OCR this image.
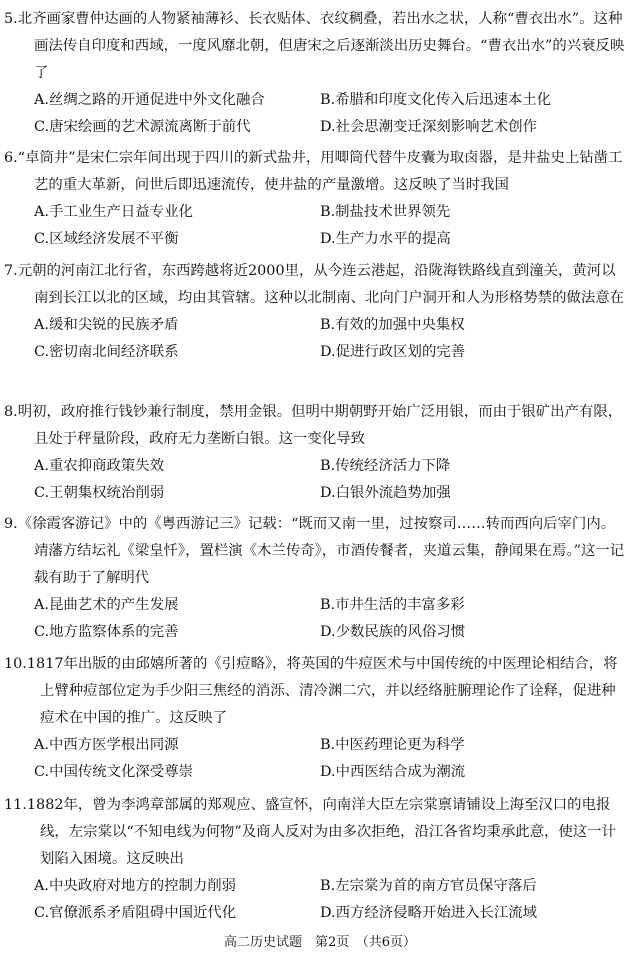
5.北齐画家曹仲达画的人物紧袖薄衫、长衣贴体、衣纹稠叠，若出水之状，人称“曹衣出水”。这种画法传自印度和西域，一度风靡北朝，但唐宋之后逐渐淡出历史舞台。“曹衣出水”的兴衰反映了

A.丝绸之路的开通促进中外文化融合	B.希腊和印度文化传入后迅速本土化
C.唐宋绘画的艺术源流离断于前代	D.社会思潮变迁深刻影响艺术创作

6.“卓筒井”是宋仁宗年间出现于四川的新式盐井，用唧筒代替牛皮囊为取卤器，是井盐史上钻凿工艺的重大革新，问世后即迅速流传，使井盐的产量激增。这反映了当时我国

A.手工业生产日益专业化	B.制盐技术世界领先
C.区域经济发展不平衡	D.生产力水平的提高

7.元朝的河南江北行省，东西跨越将近2000里，从今连云港起，沿陇海铁路线直到潼关，黄河以南到长江以北的区域，均由其管辖。这种以北制南、北向门户洞开和人为形格势禁的做法意在

A.缓和尖锐的民族矛盾	B.有效的加强中央集权
C.密切南北间经济联系	D.促进行政区划的完善

8.明初，政府推行钱钞兼行制度，禁用金银。但明中期朝野开始广泛用银，而由于银矿出产有限，且处于秤量阶段，政府无力垄断白银。这一变化导致

A.重农抑商政策失效	B.传统经济活力下降
C.王朝集权统治削弱	D.白银外流趋势加强

9.《徐霞客游记》中的《粤西游记三》记载：“既而又南一里，过按察司……转而西向后宰门内。靖藩方结坛礼《梁皇忏》，置栏演《木兰传奇》，市酒传餐者，夹道云集，静闻果在焉。”这一记载有助于了解明代

A.昆曲艺术的产生发展	B.市井生活的丰富多彩
C.地方监察体系的完善	D.少数民族的风俗习惯

10.1817年出版的由邱嬉所著的《引痘略》，将英国的牛痘医术与中国传统的中医理论相结合，将上臂种痘部位定为手少阳三焦经的消泺、清冷渊二穴，并以经络脏腑理论作了诠释，促进种痘术在中国的推广。这反映了

A.中西方医学根出同源	B.中医药理论更为科学
C.中国传统文化深受尊崇	D.中西医结合成为潮流

11.1882年，曾为李鸿章部属的郑观应、盛宣怀，向南洋大臣左宗棠禀请铺设上海至汉口的电报线，左宗棠以“不知电线为何物”及商人反对为由多次拒绝，沿江各省均秉承此意，使这一计划陷入困境。这反映出

A.中央政府对地方的控制力削弱	B.左宗棠为首的南方官员保守落后
C.官僚派系矛盾阻碍中国近代化	D.西方经济侵略开始进入长江流域
高二历史试题　第2页　（共6页）
